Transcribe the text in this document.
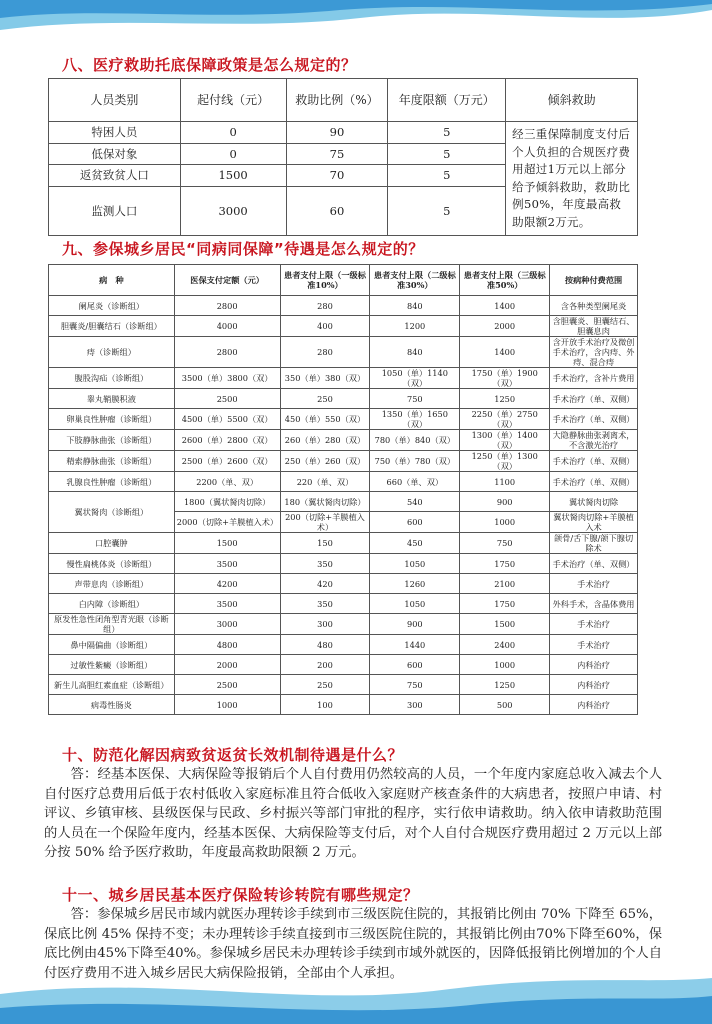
八、医疗救助托底保障政策是怎么规定的？
人员类别	起付线（元）	救助比例（%）	年度限额（万元）	倾斜救助
特困人员	0	90	5	经三重保障制度支付后个人负担的合规医疗费用超过1万元以上部分给予倾斜救助，救助比例50%，年度最高救助限额2万元。
低保对象	0	75	5	
返贫致贫人口	1500	70	5	
监测人口	3000	60	5	
九、参保城乡居民“同病同保障”待遇是怎么规定的？
病　种	医保支付定额（元）	患者支付上限（一级标准10%）	患者支付上限（二级标准30%）	患者支付上限（三级标准50%）	按病种付费范围
阑尾炎（诊断组）	2800	280	840	1400	含各种类型阑尾炎
胆囊炎/胆囊结石（诊断组）	4000	400	1200	2000	含胆囊炎、胆囊结石、胆囊息肉
痔（诊断组）	2800	280	840	1400	含开放手术治疗及微创手术治疗，含内痔、外痔、混合痔
腹股沟疝（诊断组）	3500（单）3800（双）	350（单）380（双）	1050（单）1140（双）	1750（单）1900（双）	手术治疗，含补片费用
睾丸鞘膜积液	2500	250	750	1250	手术治疗（单、双侧）
卵巢良性肿瘤（诊断组）	4500（单）5500（双）	450（单）550（双）	1350（单）1650（双）	2250（单）2750（双）	手术治疗（单、双侧）
下肢静脉曲张（诊断组）	2600（单）2800（双）	260（单）280（双）	780（单）840（双）	1300（单）1400（双）	大隐静脉曲张剥离术，不含激光治疗
精索静脉曲张（诊断组）	2500（单）2600（双）	250（单）260（双）	750（单）780（双）	1250（单）1300（双）	手术治疗（单、双侧）
乳腺良性肿瘤（诊断组）	2200（单、双）	220（单、双）	660（单、双）	1100	手术治疗（单、双侧）
翼状胬肉（诊断组）	1800（翼状胬肉切除）	180（翼状胬肉切除）	540	900	翼状胬肉切除
	2000（切除+羊膜植入术）	200（切除+羊膜植入术）	600	1000	翼状胬肉切除+羊膜植入术
口腔囊肿	1500	150	450	750	颌骨/舌下腺/颌下腺切除术
慢性扁桃体炎（诊断组）	3500	350	1050	1750	手术治疗（单、双侧）
声带息肉（诊断组）	4200	420	1260	2100	手术治疗
白内障（诊断组）	3500	350	1050	1750	外科手术，含晶体费用
原发性急性闭角型青光眼（诊断组）	3000	300	900	1500	手术治疗
鼻中隔偏曲（诊断组）	4800	480	1440	2400	手术治疗
过敏性紫癜（诊断组）	2000	200	600	1000	内科治疗
新生儿高胆红素血症（诊断组）	2500	250	750	1250	内科治疗
病毒性肠炎	1000	100	300	500	内科治疗
十、防范化解因病致贫返贫长效机制待遇是什么？
答：经基本医保、大病保险等报销后个人自付费用仍然较高的人员，一个年度内家庭总收入减去个人自付医疗总费用后低于农村低收入家庭标准且符合低收入家庭财产核查条件的大病患者，按照户申请、村评议、乡镇审核、县级医保与民政、乡村振兴等部门审批的程序，实行依申请救助。纳入依申请救助范围的人员在一个保险年度内，经基本医保、大病保险等支付后，对个人自付合规医疗费用超过 2 万元以上部分按 50% 给予医疗救助，年度最高救助限额 2 万元。
十一、城乡居民基本医疗保险转诊转院有哪些规定？
答：参保城乡居民市域内就医办理转诊手续到市三级医院住院的，其报销比例由 70% 下降至 65%，保底比例 45% 保持不变；未办理转诊手续直接到市三级医院住院的，其报销比例由70%下降至60%，保底比例由45%下降至40%。参保城乡居民未办理转诊手续到市域外就医的，因降低报销比例增加的个人自付医疗费用不进入城乡居民大病保险报销，全部由个人承担。
